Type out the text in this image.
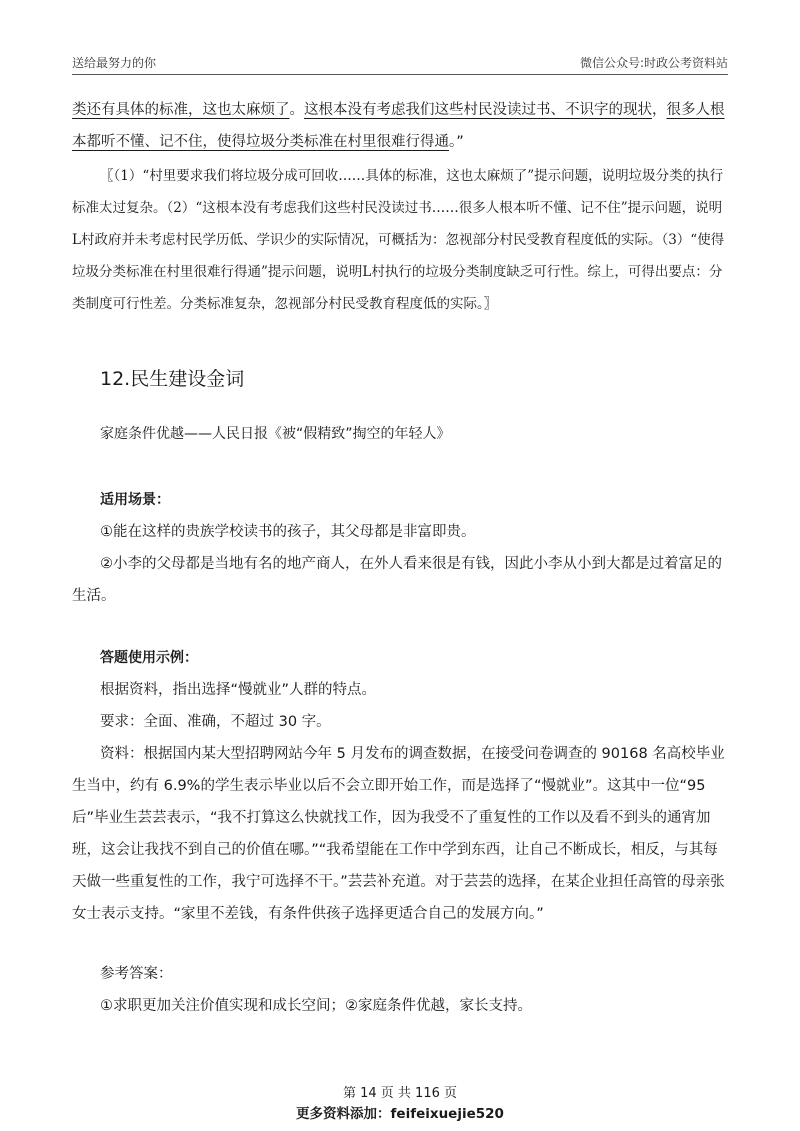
送给最努力的你	微信公众号:时政公考资料站

类还有具体的标准，这也太麻烦了。这根本没有考虑我们这些村民没读过书、不识字的现状，很多人根本都听不懂、记不住，使得垃圾分类标准在村里很难行得通。”

〖（1）“村里要求我们将垃圾分成可回收……具体的标准，这也太麻烦了”提示问题，说明垃圾分类的执行标准太过复杂。（2）“这根本没有考虑我们这些村民没读过书……很多人根本听不懂、记不住”提示问题，说明L村政府并未考虑村民学历低、学识少的实际情况，可概括为：忽视部分村民受教育程度低的实际。（3）“使得垃圾分类标准在村里很难行得通”提示问题，说明L村执行的垃圾分类制度缺乏可行性。综上，可得出要点：分类制度可行性差。分类标准复杂，忽视部分村民受教育程度低的实际。〗

12.民生建设金词

家庭条件优越——人民日报《被“假精致”掏空的年轻人》

适用场景：

①能在这样的贵族学校读书的孩子，其父母都是非富即贵。

②小李的父母都是当地有名的地产商人，在外人看来很是有钱，因此小李从小到大都是过着富足的生活。

答题使用示例：

根据资料，指出选择“慢就业”人群的特点。

要求：全面、准确，不超过 30 字。

资料：根据国内某大型招聘网站今年 5 月发布的调查数据，在接受问卷调查的 90168 名高校毕业生当中，约有 6.9%的学生表示毕业以后不会立即开始工作，而是选择了“慢就业”。这其中一位“95 后”毕业生芸芸表示，“我不打算这么快就找工作，因为我受不了重复性的工作以及看不到头的通宵加班，这会让我找不到自己的价值在哪。”“我希望能在工作中学到东西，让自己不断成长，相反，与其每天做一些重复性的工作，我宁可选择不干。”芸芸补充道。对于芸芸的选择，在某企业担任高管的母亲张女士表示支持。“家里不差钱，有条件供孩子选择更适合自己的发展方向。”

参考答案：

①求职更加关注价值实现和成长空间；②家庭条件优越，家长支持。

第 14 页 共 116 页
更多资料添加：feifeixuejie520
